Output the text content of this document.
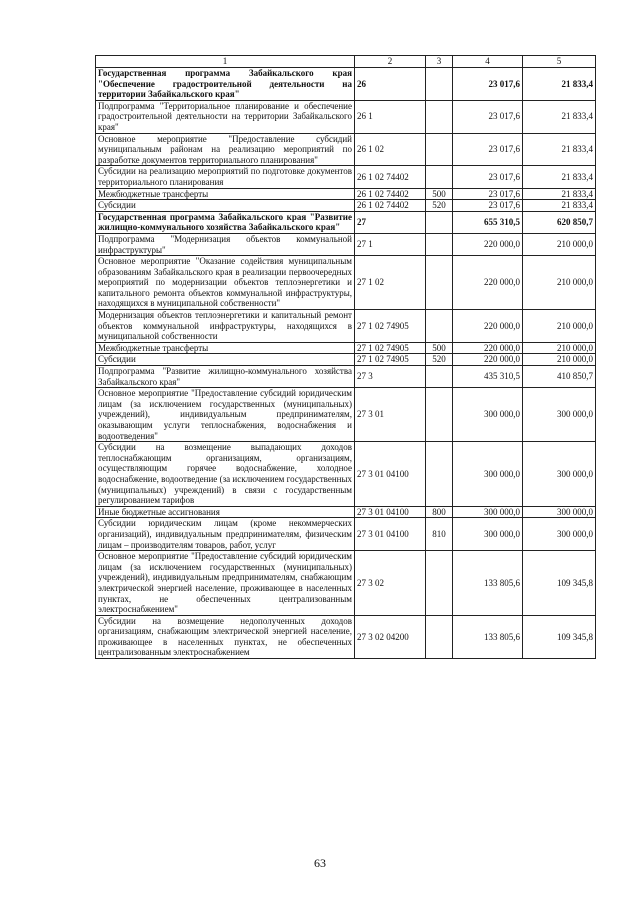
1	2	3	4	5
Государственная программа Забайкальского края "Обеспечение градостроительной деятельности на территории Забайкальского края"	26		23 017,6	21 833,4
Подпрограмма "Территориальное планирование и обеспечение градостроительной деятельности на территории Забайкальского края"	26 1		23 017,6	21 833,4
Основное мероприятие "Предоставление субсидий муниципальным районам на реализацию мероприятий по разработке документов территориального планирования"	26 1 02		23 017,6	21 833,4
Субсидии на реализацию мероприятий по подготовке документов территориального планирования	26 1 02 74402		23 017,6	21 833,4
Межбюджетные трансферты	26 1 02 74402	500	23 017,6	21 833,4
Субсидии	26 1 02 74402	520	23 017,6	21 833,4
Государственная программа Забайкальского края "Развитие жилищно-коммунального хозяйства Забайкальского края"	27		655 310,5	620 850,7
Подпрограмма "Модернизация объектов коммунальной инфраструктуры"	27 1		220 000,0	210 000,0
Основное мероприятие "Оказание содействия муниципальным образованиям Забайкальского края в реализации первоочередных мероприятий по модернизации объектов теплоэнергетики и капитального ремонта объектов коммунальной инфраструктуры, находящихся в муниципальной собственности"	27 1 02		220 000,0	210 000,0
Модернизация объектов теплоэнергетики и капитальный ремонт объектов коммунальной инфраструктуры, находящихся в муниципальной собственности	27 1 02 74905		220 000,0	210 000,0
Межбюджетные трансферты	27 1 02 74905	500	220 000,0	210 000,0
Субсидии	27 1 02 74905	520	220 000,0	210 000,0
Подпрограмма "Развитие жилищно-коммунального хозяйства Забайкальского края"	27 3		435 310,5	410 850,7
Основное мероприятие "Предоставление субсидий юридическим лицам (за исключением государственных (муниципальных) учреждений), индивидуальным предпринимателям, оказывающим услуги теплоснабжения, водоснабжения и водоотведения"	27 3 01		300 000,0	300 000,0
Субсидии на возмещение выпадающих доходов теплоснабжающим организациям, организациям, осуществляющим горячее водоснабжение, холодное водоснабжение, водоотведение (за исключением государственных (муниципальных) учреждений) в связи с государственным регулированием тарифов	27 3 01 04100		300 000,0	300 000,0
Иные бюджетные ассигнования	27 3 01 04100	800	300 000,0	300 000,0
Субсидии юридическим лицам (кроме некоммерческих организаций), индивидуальным предпринимателям, физическим лицам – производителям товаров, работ, услуг	27 3 01 04100	810	300 000,0	300 000,0
Основное мероприятие "Предоставление субсидий юридическим лицам (за исключением государственных (муниципальных) учреждений), индивидуальным предпринимателям, снабжающим электрической энергией население, проживающее в населенных пунктах, не обеспеченных централизованным электроснабжением"	27 3 02		133 805,6	109 345,8
Субсидии на возмещение недополученных доходов организациям, снабжающим электрической энергией население, проживающее в населенных пунктах, не обеспеченных централизованным электроснабжением	27 3 02 04200		133 805,6	109 345,8
63
